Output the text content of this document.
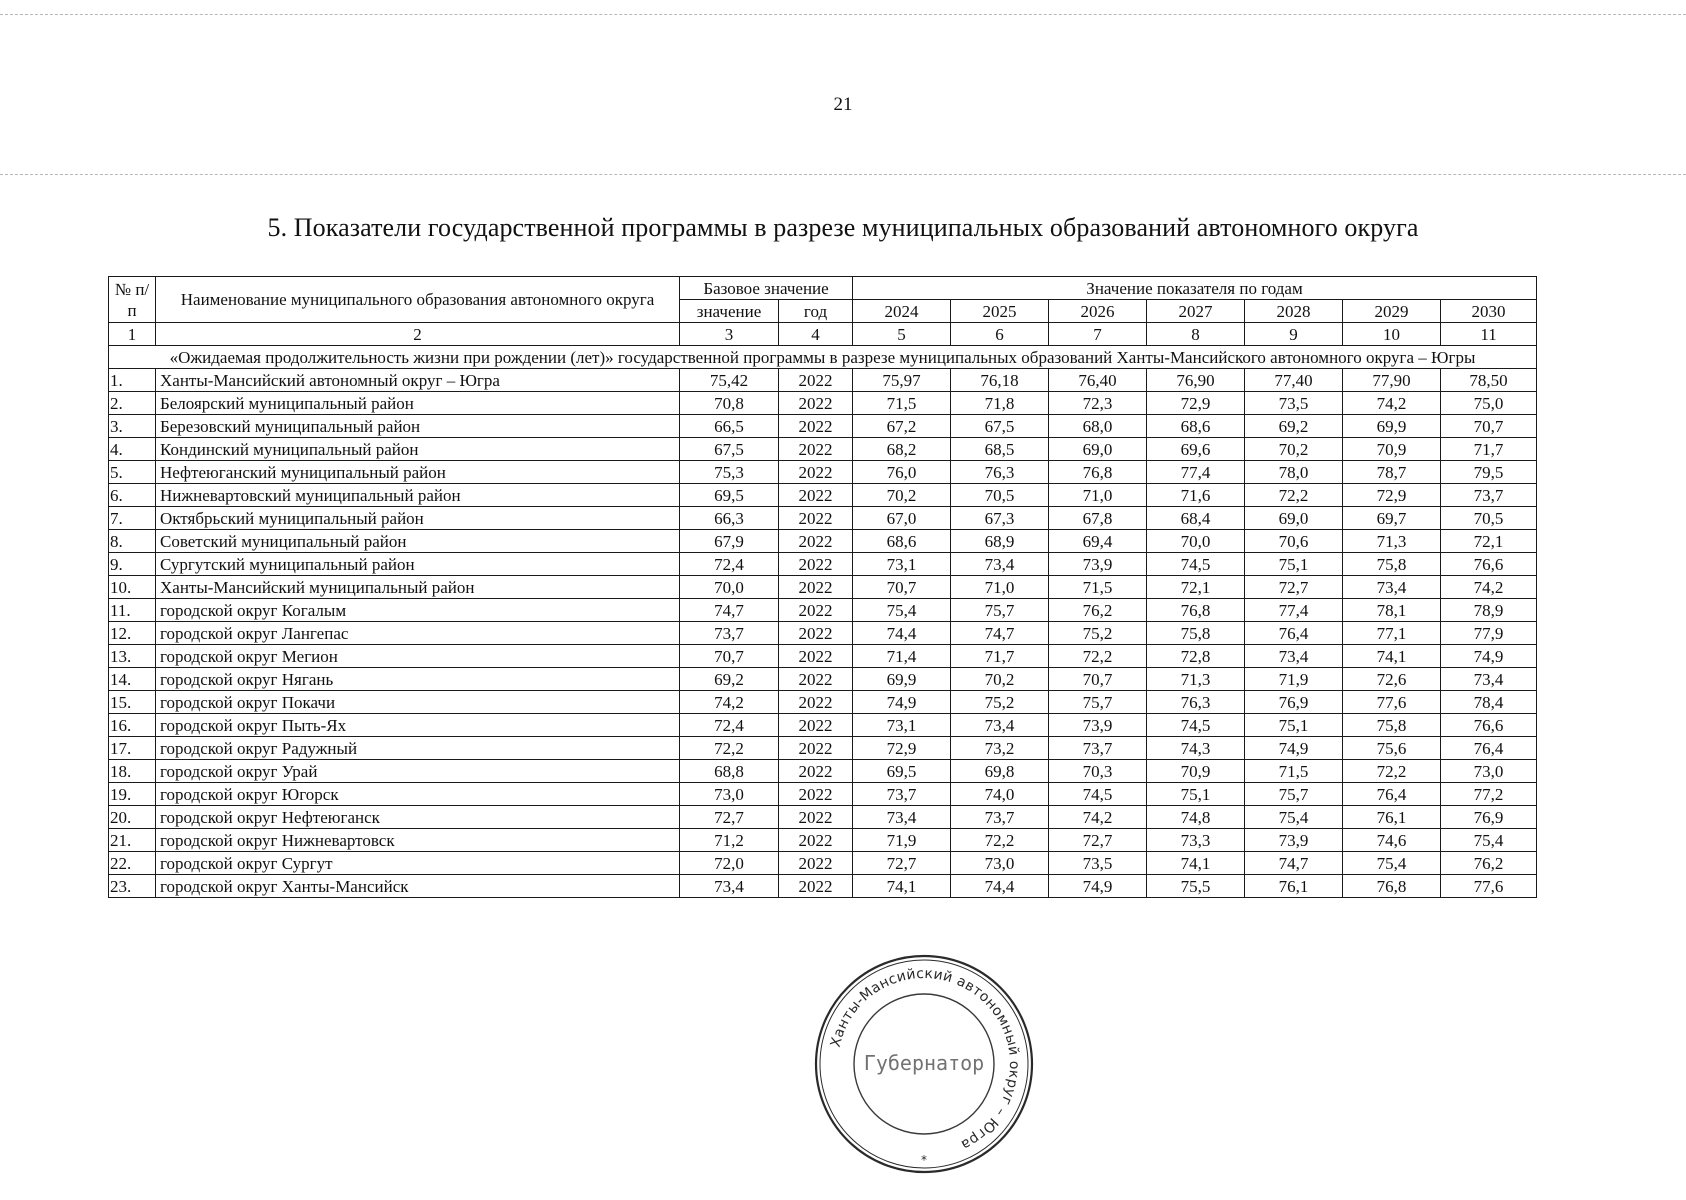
21
5. Показатели государственной программы в разрезе муниципальных образований автономного округа
№ п/п	Наименование муниципального образования автономного округа	Базовое значение		Значение показателя по годам						
		значение	год	2024	2025	2026	2027	2028	2029	2030
1	2	3	4	5	6	7	8	9	10	11

«Ожидаемая продолжительность жизни при рождении (лет)» государственной программы в разрезе муниципальных образований Ханты-Мансийского автономного округа – Югры										

1.	Ханты-Мансийский автономный округ – Югра	75,42	2022	75,97	76,18	76,40	76,90	77,40	77,90	78,50
2.	Белоярский муниципальный район	70,8	2022	71,5	71,8	72,3	72,9	73,5	74,2	75,0
3.	Березовский муниципальный район	66,5	2022	67,2	67,5	68,0	68,6	69,2	69,9	70,7
4.	Кондинский муниципальный район	67,5	2022	68,2	68,5	69,0	69,6	70,2	70,9	71,7
5.	Нефтеюганский муниципальный район	75,3	2022	76,0	76,3	76,8	77,4	78,0	78,7	79,5
6.	Нижневартовский муниципальный район	69,5	2022	70,2	70,5	71,0	71,6	72,2	72,9	73,7
7.	Октябрьский муниципальный район	66,3	2022	67,0	67,3	67,8	68,4	69,0	69,7	70,5
8.	Советский муниципальный район	67,9	2022	68,6	68,9	69,4	70,0	70,6	71,3	72,1
9.	Сургутский муниципальный район	72,4	2022	73,1	73,4	73,9	74,5	75,1	75,8	76,6
10.	Ханты-Мансийский муниципальный район	70,0	2022	70,7	71,0	71,5	72,1	72,7	73,4	74,2
11.	городской округ Когалым	74,7	2022	75,4	75,7	76,2	76,8	77,4	78,1	78,9
12.	городской округ Лангепас	73,7	2022	74,4	74,7	75,2	75,8	76,4	77,1	77,9
13.	городской округ Мегион	70,7	2022	71,4	71,7	72,2	72,8	73,4	74,1	74,9
14.	городской округ Нягань	69,2	2022	69,9	70,2	70,7	71,3	71,9	72,6	73,4
15.	городской округ Покачи	74,2	2022	74,9	75,2	75,7	76,3	76,9	77,6	78,4
16.	городской округ Пыть-Ях	72,4	2022	73,1	73,4	73,9	74,5	75,1	75,8	76,6
17.	городской округ Радужный	72,2	2022	72,9	73,2	73,7	74,3	74,9	75,6	76,4
18.	городской округ Урай	68,8	2022	69,5	69,8	70,3	70,9	71,5	72,2	73,0
19.	городской округ Югорск	73,0	2022	73,7	74,0	74,5	75,1	75,7	76,4	77,2
20.	городской округ Нефтеюганск	72,7	2022	73,4	73,7	74,2	74,8	75,4	76,1	76,9
21.	городской округ Нижневартовск	71,2	2022	71,9	72,2	72,7	73,3	73,9	74,6	75,4
22.	городской округ Сургут	72,0	2022	72,7	73,0	73,5	74,1	74,7	75,4	76,2
23.	городской округ Ханты-Мансийск	73,4	2022	74,1	74,4	74,9	75,5	76,1	76,8	77,6
Ханты-Мансийский автономный округ – Югра
Губернатор
*
